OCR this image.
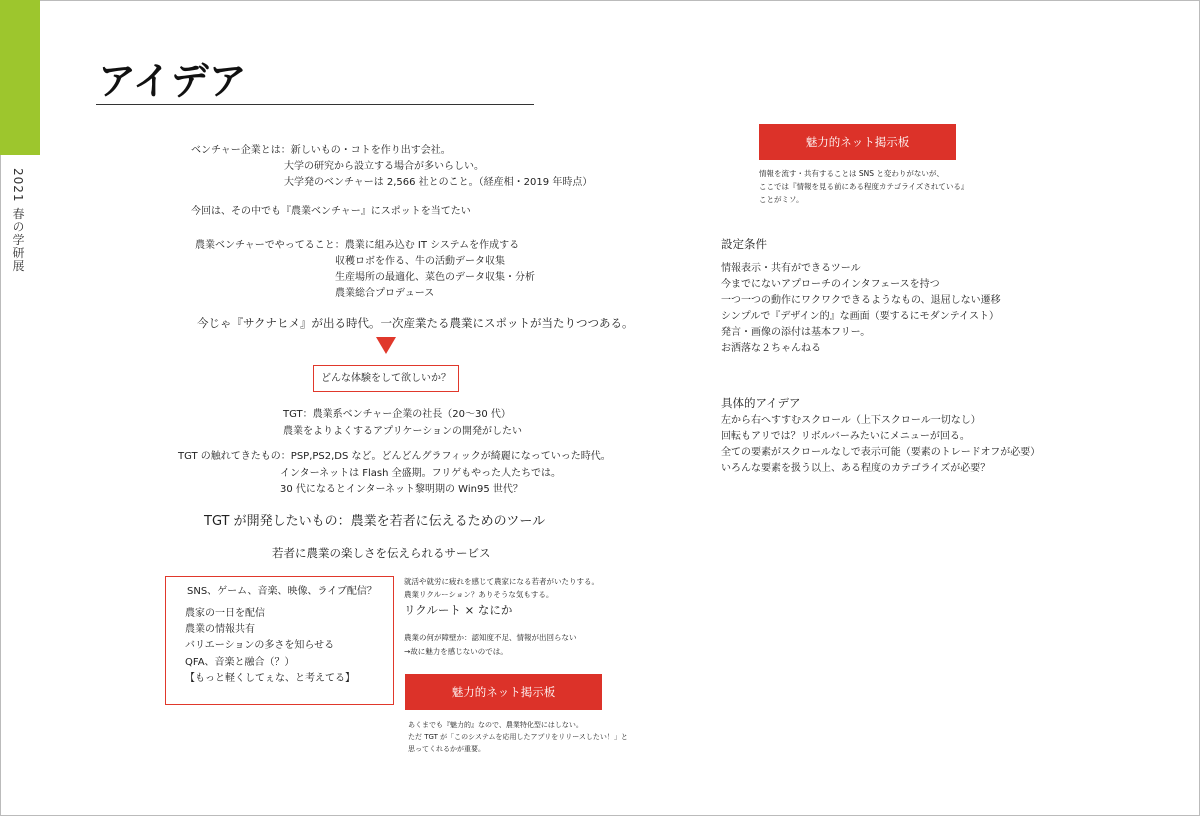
2021 春の学研展
アイデア
ベンチャー企業とは：新しいもの・コトを作り出す会社。
大学の研究から設立する場合が多いらしい。
大学発のベンチャーは 2,566 社とのこと。（経産相・2019 年時点）
今回は、その中でも『農業ベンチャー』にスポットを当てたい
農業ベンチャーでやってること：農業に組み込む IT システムを作成する
収穫ロボを作る、牛の活動データ収集
生産場所の最適化、菜色のデータ収集・分析
農業総合プロデュース
今じゃ『サクナヒメ』が出る時代。一次産業たる農業にスポットが当たりつつある。
どんな体験をして欲しいか？
TGT：農業系ベンチャー企業の社長（20〜30 代）
農業をよりよくするアプリケーションの開発がしたい
TGT の触れてきたもの：PSP,PS2,DS など。どんどんグラフィックが綺麗になっていった時代。
インターネットは Flash 全盛期。フリゲもやった人たちでは。
30 代になるとインターネット黎明期の Win95 世代？
TGT が開発したいもの：農業を若者に伝えるためのツール
若者に農業の楽しさを伝えられるサービス
SNS、ゲーム、音楽、映像、ライブ配信？
農家の一日を配信
農業の情報共有
バリエーションの多さを知らせる
QFA、音楽と融合（？）
【もっと軽くしてぇな、と考えてる】
就活や就労に疲れを感じて農家になる若者がいたりする。
農業リクルーション？ありそうな気もする。
リクルート × なにか
農業の何が障壁か：認知度不足、情報が出回らない
→故に魅力を感じないのでは。
魅力的ネット掲示板
あくまでも『魅力的』なので、農業特化型にはしない。
ただ TGT が「このシステムを応用したアプリをリリースしたい！」と
思ってくれるかが重要。
魅力的ネット掲示板
情報を流す・共有することは SNS と変わりがないが、
ここでは『情報を見る前にある程度カテゴライズされている』
ことがミソ。
設定条件
情報表示・共有ができるツール
今までにないアプローチのインタフェースを持つ
一つ一つの動作にワクワクできるようなもの、退屈しない遷移
シンプルで『デザイン的』な画面（要するにモダンテイスト）
発言・画像の添付は基本フリー。
お洒落な２ちゃんねる
具体的アイデア
左から右へすすむスクロール（上下スクロール一切なし）
回転もアリでは？リボルバーみたいにメニューが回る。
全ての要素がスクロールなしで表示可能（要素のトレードオフが必要）
いろんな要素を扱う以上、ある程度のカテゴライズが必要？
